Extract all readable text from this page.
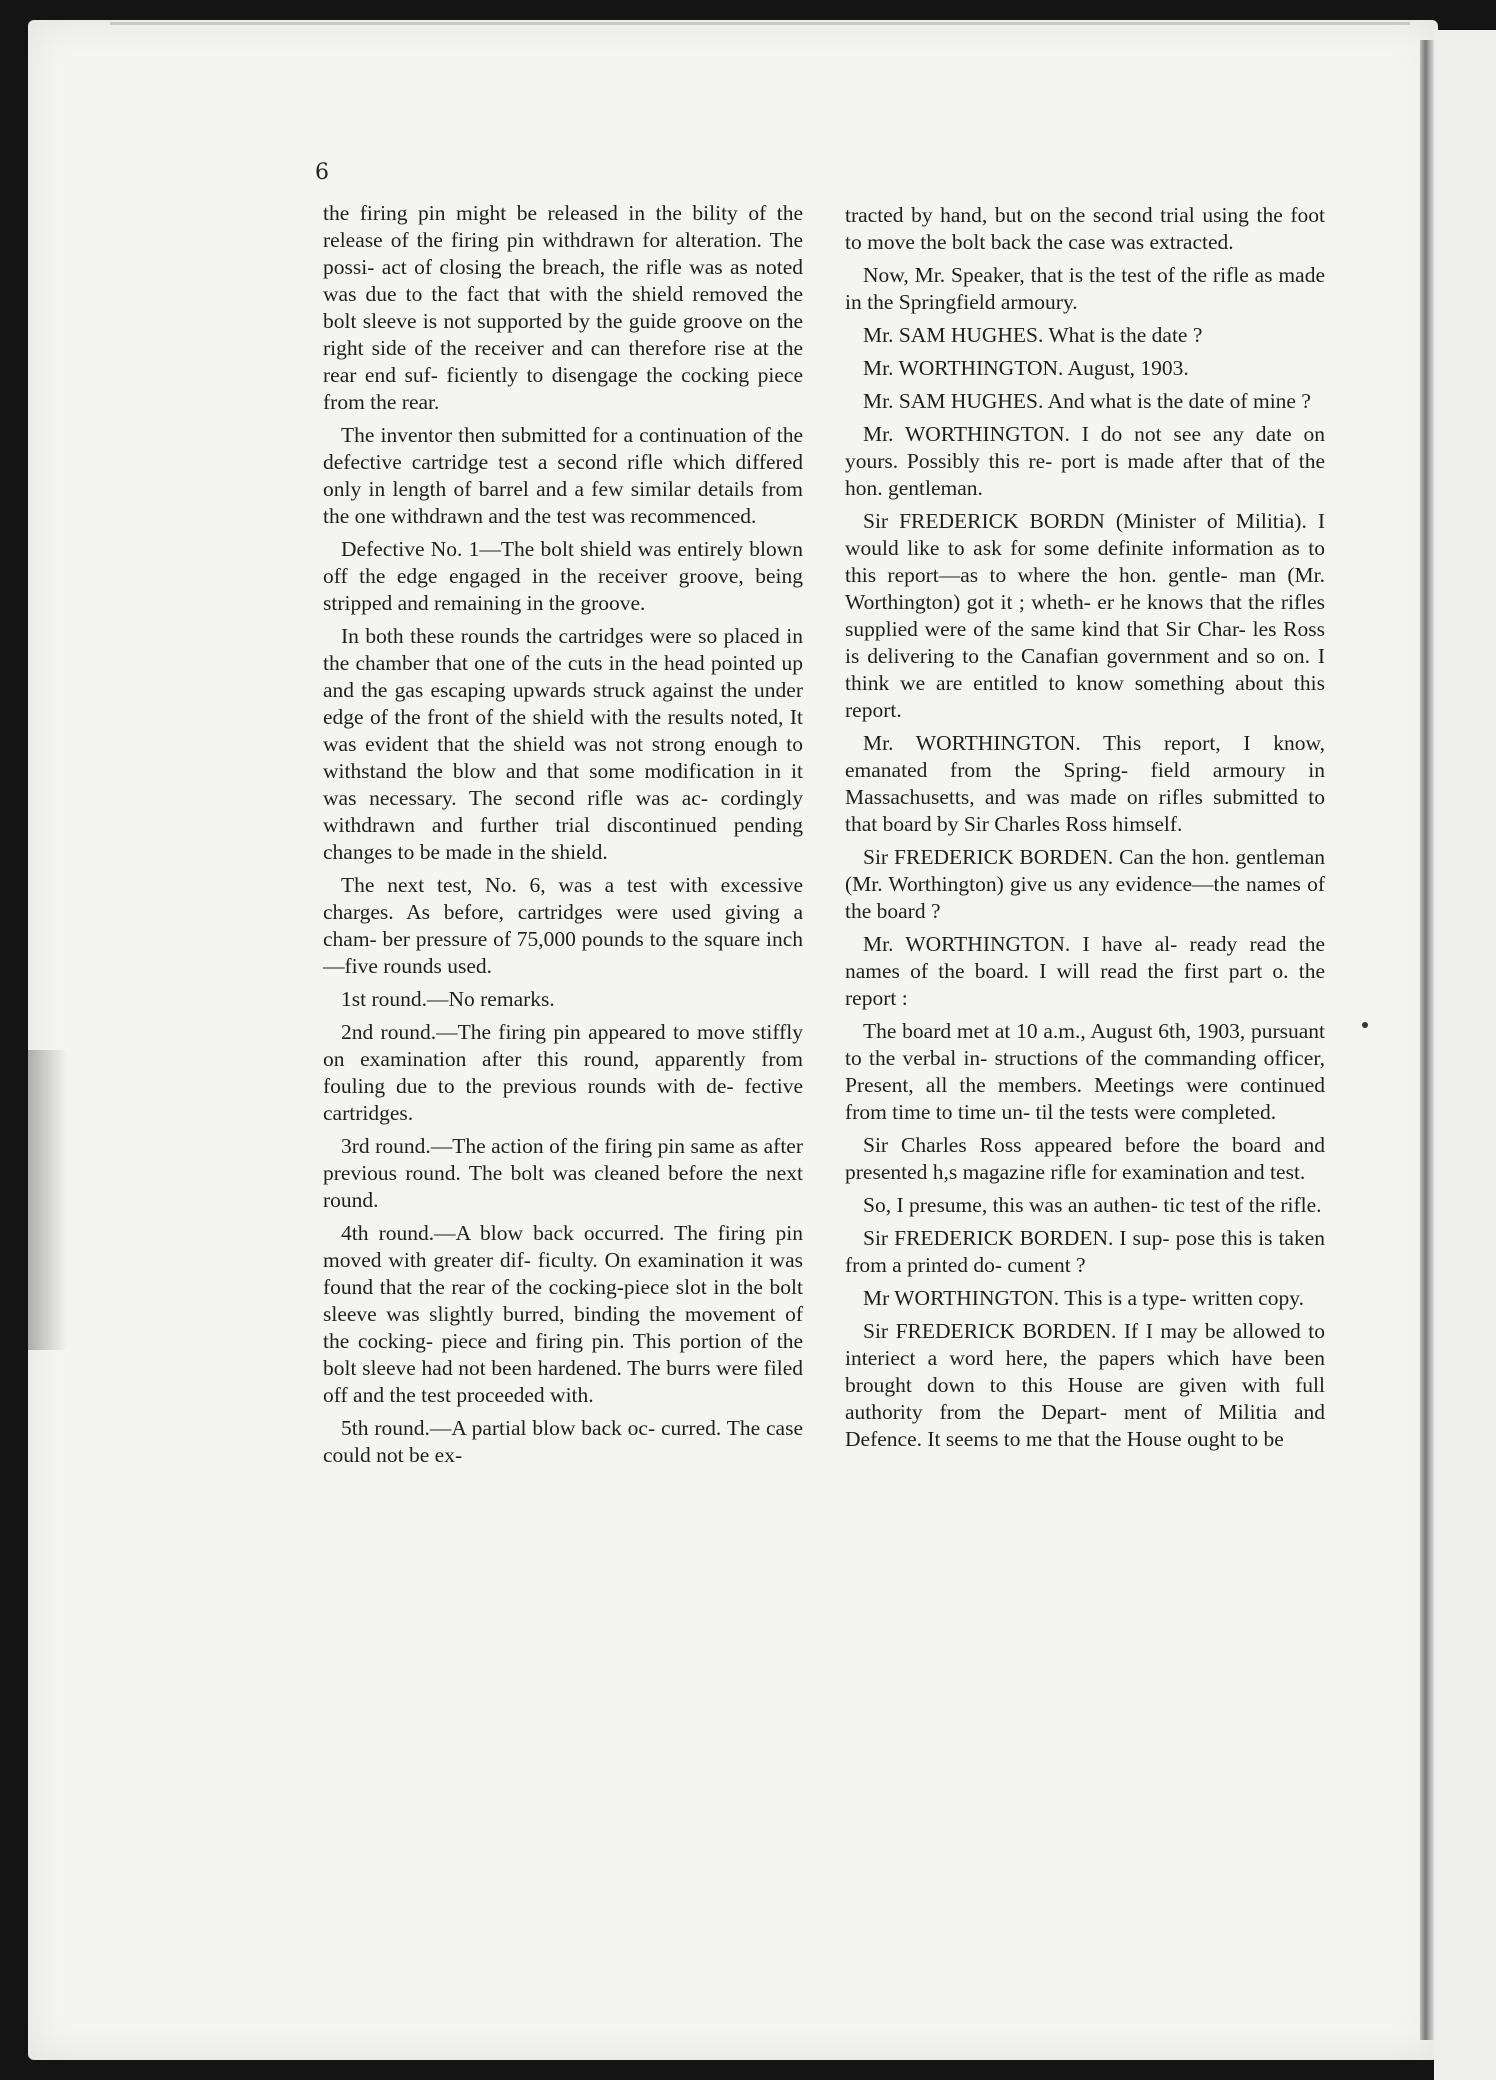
6

the firing pin might be released in the bility of the release of the firing pin withdrawn for alteration. The possi- act of closing the breach, the rifle was as noted was due to the fact that with the shield removed the bolt sleeve is not supported by the guide groove on the right side of the receiver and can therefore rise at the rear end suf- ficiently to disengage the cocking piece from the rear.

The inventor then submitted for a continuation of the defective cartridge test a second rifle which differed only in length of barrel and a few similar details from the one withdrawn and the test was recommenced.

Defective No. 1—The bolt shield was entirely blown off the edge engaged in the receiver groove, being stripped and remaining in the groove.

In both these rounds the cartridges were so placed in the chamber that one of the cuts in the head pointed up and the gas escaping upwards struck against the under edge of the front of the shield with the results noted, It was evident that the shield was not strong enough to withstand the blow and that some modification in it was necessary. The second rifle was ac- cordingly withdrawn and further trial discontinued pending changes to be made in the shield.

The next test, No. 6, was a test with excessive charges. As before, cartridges were used giving a cham- ber pressure of 75,000 pounds to the square inch—five rounds used.

1st round.—No remarks.

2nd round.—The firing pin appeared to move stiffly on examination after this round, apparently from fouling due to the previous rounds with de- fective cartridges.

3rd round.—The action of the firing pin same as after previous round. The bolt was cleaned before the next round.

4th round.—A blow back occurred. The firing pin moved with greater dif- ficulty. On examination it was found that the rear of the cocking-piece slot in the bolt sleeve was slightly burred, binding the movement of the cocking- piece and firing pin. This portion of the bolt sleeve had not been hardened. The burrs were filed off and the test proceeded with.

5th round.—A partial blow back oc- curred. The case could not be ex-

tracted by hand, but on the second trial using the foot to move the bolt back the case was extracted.

Now, Mr. Speaker, that is the test of the rifle as made in the Springfield armoury.

Mr. SAM HUGHES. What is the date ?

Mr. WORTHINGTON. August, 1903.

Mr. SAM HUGHES. And what is the date of mine ?

Mr. WORTHINGTON. I do not see any date on yours. Possibly this re- port is made after that of the hon. gentleman.

Sir FREDERICK BORDN (Minister of Militia). I would like to ask for some definite information as to this report—as to where the hon. gentle- man (Mr. Worthington) got it ; wheth- er he knows that the rifles supplied were of the same kind that Sir Char- les Ross is delivering to the Canafian government and so on. I think we are entitled to know something about this report.

Mr. WORTHINGTON. This report, I know, emanated from the Spring- field armoury in Massachusetts, and was made on rifles submitted to that board by Sir Charles Ross himself.

Sir FREDERICK BORDEN. Can the hon. gentleman (Mr. Worthington) give us any evidence—the names of the board ?

Mr. WORTHINGTON. I have al- ready read the names of the board. I will read the first part o. the report :

The board met at 10 a.m., August 6th, 1903, pursuant to the verbal in- structions of the commanding officer, Present, all the members. Meetings were continued from time to time un- til the tests were completed.

Sir Charles Ross appeared before the board and presented h,s magazine rifle for examination and test.

So, I presume, this was an authen- tic test of the rifle.

Sir FREDERICK BORDEN. I sup- pose this is taken from a printed do- cument ?

Mr WORTHINGTON. This is a type- written copy.

Sir FREDERICK BORDEN. If I may be allowed to interiect a word here, the papers which have been brought down to this House are given with full authority from the Depart- ment of Militia and Defence. It seems to me that the House ought to be
